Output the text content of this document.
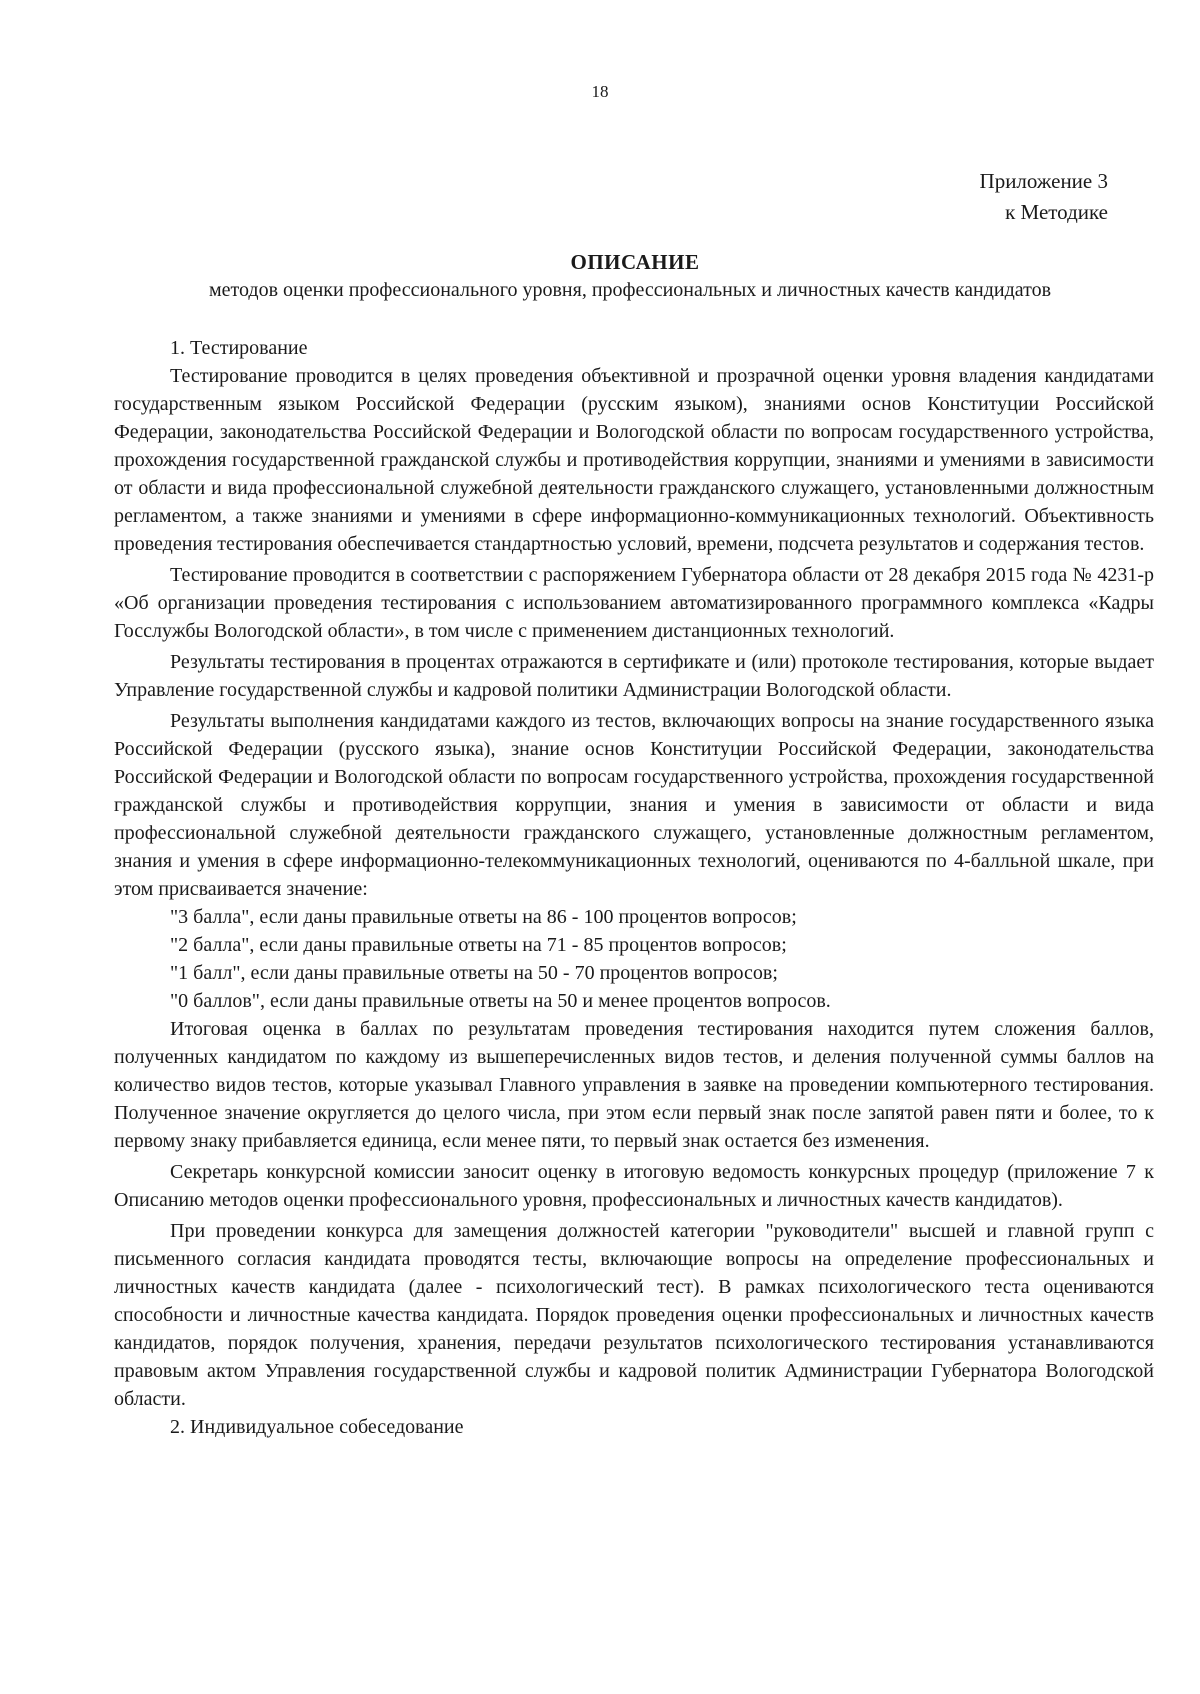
18
Приложение 3
к Методике
ОПИСАНИЕ
методов оценки профессионального уровня, профессиональных и личностных качеств кандидатов

1. Тестирование

Тестирование проводится в целях проведения объективной и прозрачной оценки уровня владения кандидатами государственным языком Российской Федерации (русским языком), знаниями основ Конституции Российской Федерации, законодательства Российской Федерации и Вологодской области по вопросам государственного устройства, прохождения государственной гражданской службы и противодействия коррупции, знаниями и умениями в зависимости от области и вида профессиональной служебной деятельности гражданского служащего, установленными должностным регламентом, а также знаниями и умениями в сфере информационно-коммуникационных технологий. Объективность проведения тестирования обеспечивается стандартностью условий, времени, подсчета результатов и содержания тестов.

Тестирование проводится в соответствии с распоряжением Губернатора области от 28 декабря 2015 года № 4231-р «Об организации проведения тестирования с использованием автоматизированного программного комплекса «Кадры Госслужбы Вологодской области», в том числе с применением дистанционных технологий.

Результаты тестирования в процентах отражаются в сертификате и (или) протоколе тестирования, которые выдает Управление государственной службы и кадровой политики Администрации Вологодской области.

Результаты выполнения кандидатами каждого из тестов, включающих вопросы на знание государственного языка Российской Федерации (русского языка), знание основ Конституции Российской Федерации, законодательства Российской Федерации и Вологодской области по вопросам государственного устройства, прохождения государственной гражданской службы и противодействия коррупции, знания и умения в зависимости от области и вида профессиональной служебной деятельности гражданского служащего, установленные должностным регламентом, знания и умения в сфере информационно-телекоммуникационных технологий, оцениваются по 4-балльной шкале, при этом присваивается значение:

"3 балла", если даны правильные ответы на 86 - 100 процентов вопросов;

"2 балла", если даны правильные ответы на 71 - 85 процентов вопросов;

"1 балл", если даны правильные ответы на 50 - 70 процентов вопросов;

"0 баллов", если даны правильные ответы на 50 и менее процентов вопросов.

Итоговая оценка в баллах по результатам проведения тестирования находится путем сложения баллов, полученных кандидатом по каждому из вышеперечисленных видов тестов, и деления полученной суммы баллов на количество видов тестов, которые указывал Главного управления в заявке на проведении компьютерного тестирования. Полученное значение округляется до целого числа, при этом если первый знак после запятой равен пяти и более, то к первому знаку прибавляется единица, если менее пяти, то первый знак остается без изменения.

Секретарь конкурсной комиссии заносит оценку в итоговую ведомость конкурсных процедур (приложение 7 к Описанию методов оценки профессионального уровня, профессиональных и личностных качеств кандидатов).

При проведении конкурса для замещения должностей категории "руководители" высшей и главной групп с письменного согласия кандидата проводятся тесты, включающие вопросы на определение профессиональных и личностных качеств кандидата (далее - психологический тест). В рамках психологического теста оцениваются способности и личностные качества кандидата. Порядок проведения оценки профессиональных и личностных качеств кандидатов, порядок получения, хранения, передачи результатов психологического тестирования устанавливаются правовым актом Управления государственной службы и кадровой политик Администрации Губернатора Вологодской области.

2. Индивидуальное собеседование
